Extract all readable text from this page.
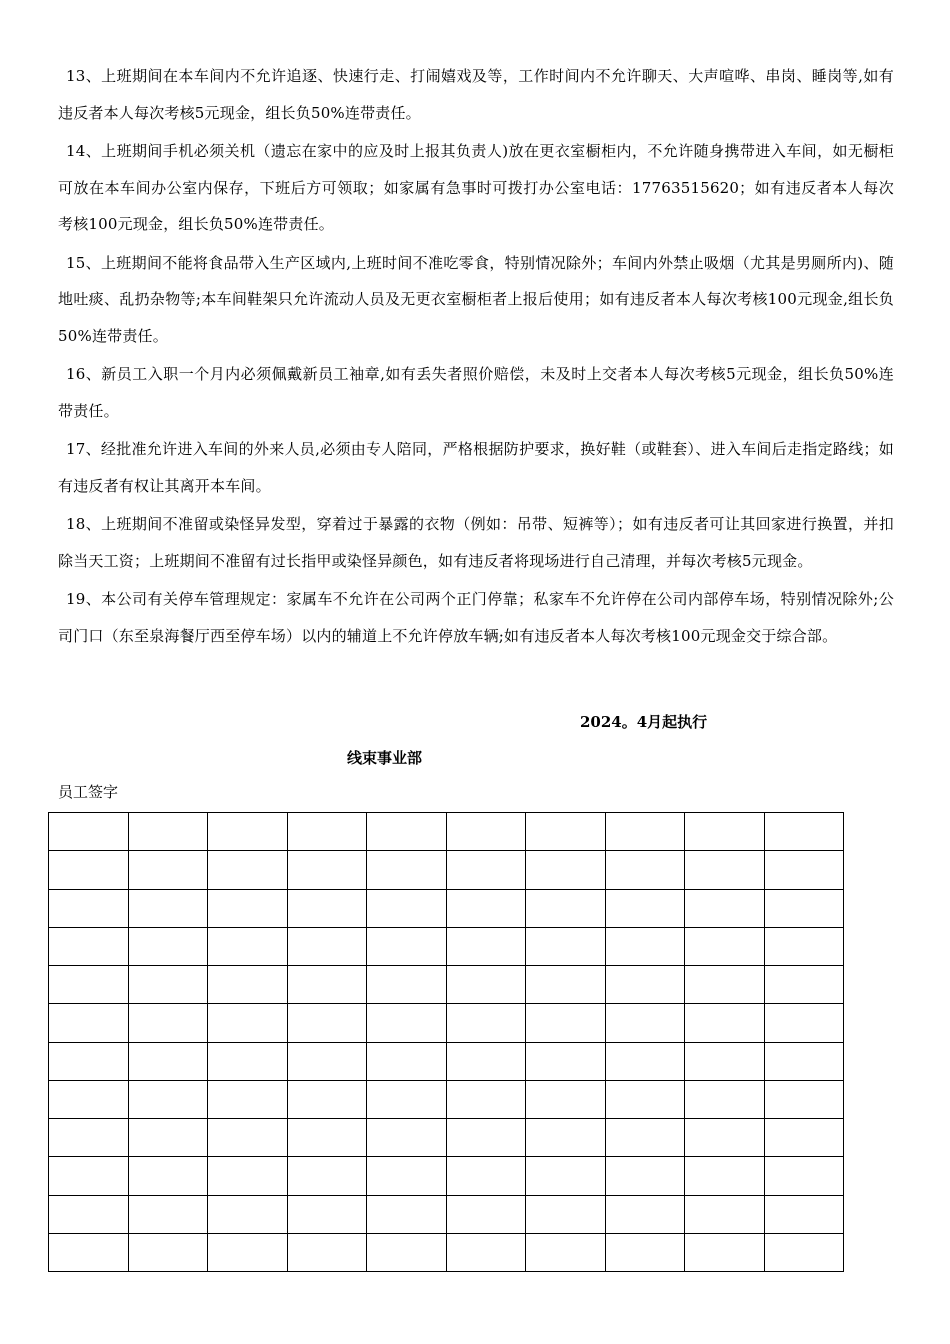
13、上班期间在本车间内不允许追逐、快速行走、打闹嬉戏及等，工作时间内不允许聊天、大声喧哗、串岗、睡岗等,如有违反者本人每次考核5元现金，组长负50%连带责任。

14、上班期间手机必须关机（遗忘在家中的应及时上报其负责人)放在更衣室橱柜内，不允许随身携带进入车间，如无橱柜可放在本车间办公室内保存，下班后方可领取；如家属有急事时可拨打办公室电话：17763515620；如有违反者本人每次考核100元现金，组长负50%连带责任。

15、上班期间不能将食品带入生产区域内,上班时间不准吃零食，特别情况除外；车间内外禁止吸烟（尤其是男厕所内)、随地吐痰、乱扔杂物等;本车间鞋架只允许流动人员及无更衣室橱柜者上报后使用；如有违反者本人每次考核100元现金,组长负50%连带责任。

16、新员工入职一个月内必须佩戴新员工袖章,如有丢失者照价赔偿，未及时上交者本人每次考核5元现金，组长负50%连带责任。

17、经批准允许进入车间的外来人员,必须由专人陪同，严格根据防护要求，换好鞋（或鞋套）、进入车间后走指定路线；如有违反者有权让其离开本车间。

18、上班期间不准留或染怪异发型，穿着过于暴露的衣物（例如：吊带、短裤等）；如有违反者可让其回家进行换置，并扣除当天工资；上班期间不准留有过长指甲或染怪异颜色，如有违反者将现场进行自己清理，并每次考核5元现金。

19、本公司有关停车管理规定：家属车不允许在公司两个正门停靠；私家车不允许停在公司内部停车场，特别情况除外;公司门口（东至泉海餐厅西至停车场）以内的辅道上不允许停放车辆;如有违反者本人每次考核100元现金交于综合部。

2024。4月起执行
线束事业部
员工签字
